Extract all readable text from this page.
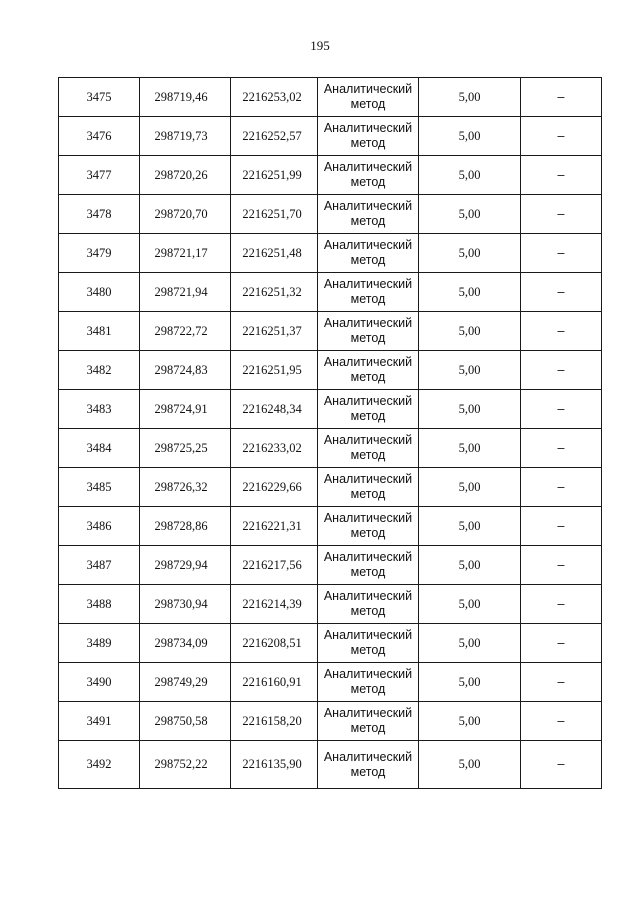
195
3475	298719,46	2216253,02	Аналитический метод	5,00	–
3476	298719,73	2216252,57	Аналитический метод	5,00	–
3477	298720,26	2216251,99	Аналитический метод	5,00	–
3478	298720,70	2216251,70	Аналитический метод	5,00	–
3479	298721,17	2216251,48	Аналитический метод	5,00	–
3480	298721,94	2216251,32	Аналитический метод	5,00	–
3481	298722,72	2216251,37	Аналитический метод	5,00	–
3482	298724,83	2216251,95	Аналитический метод	5,00	–
3483	298724,91	2216248,34	Аналитический метод	5,00	–
3484	298725,25	2216233,02	Аналитический метод	5,00	–
3485	298726,32	2216229,66	Аналитический метод	5,00	–
3486	298728,86	2216221,31	Аналитический метод	5,00	–
3487	298729,94	2216217,56	Аналитический метод	5,00	–
3488	298730,94	2216214,39	Аналитический метод	5,00	–
3489	298734,09	2216208,51	Аналитический метод	5,00	–
3490	298749,29	2216160,91	Аналитический метод	5,00	–
3491	298750,58	2216158,20	Аналитический метод	5,00	–
3492	298752,22	2216135,90	Аналитический метод	5,00	–
